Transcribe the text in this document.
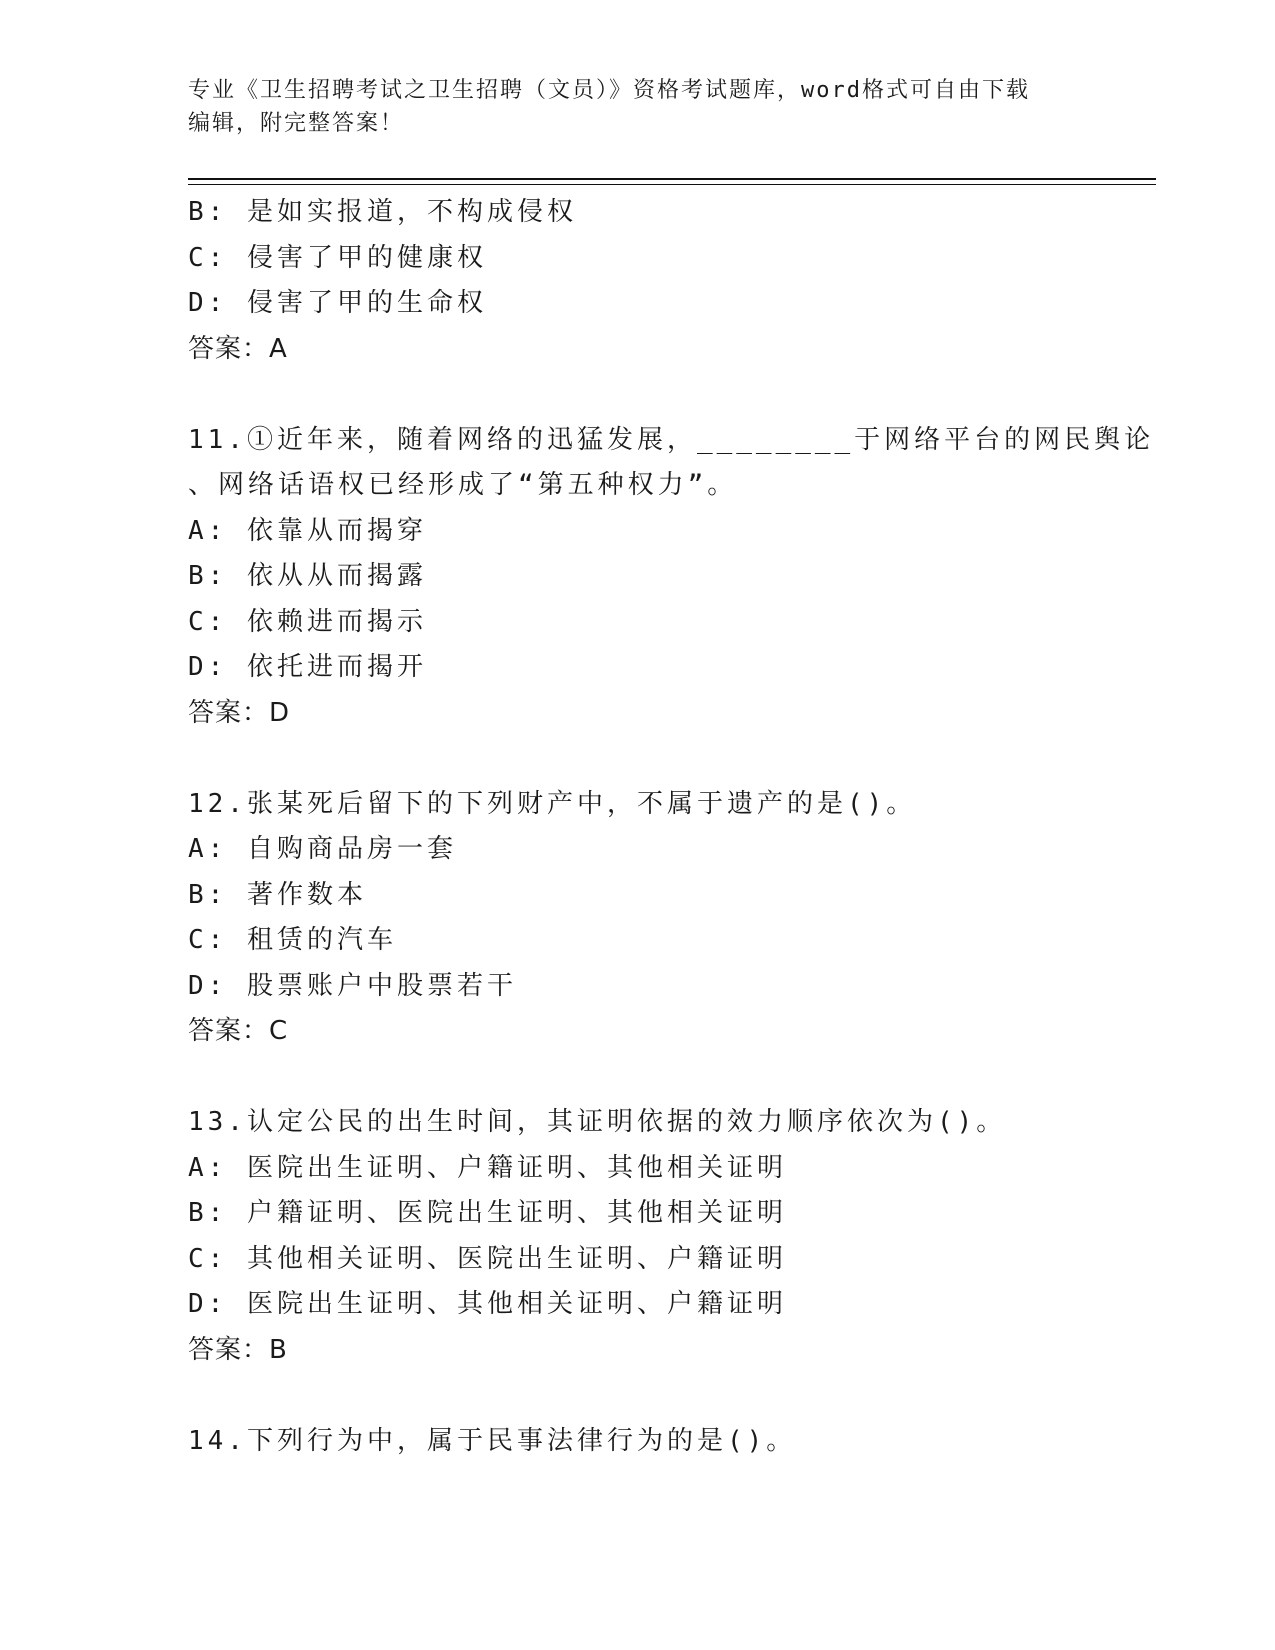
专业《卫生招聘考试之卫生招聘（文员）》资格考试题库，word格式可自由下载
编辑，附完整答案！
B: 是如实报道，不构成侵权
C: 侵害了甲的健康权
D: 侵害了甲的生命权
答案：A
11.①近年来，随着网络的迅猛发展，________于网络平台的网民舆论
、网络话语权已经形成了“第五种权力”。
A: 依靠从而揭穿
B: 依从从而揭露
C: 依赖进而揭示
D: 依托进而揭开
答案：D
12.张某死后留下的下列财产中，不属于遗产的是()。
A: 自购商品房一套
B: 著作数本
C: 租赁的汽车
D: 股票账户中股票若干
答案：C
13.认定公民的出生时间，其证明依据的效力顺序依次为()。
A: 医院出生证明、户籍证明、其他相关证明
B: 户籍证明、医院出生证明、其他相关证明
C: 其他相关证明、医院出生证明、户籍证明
D: 医院出生证明、其他相关证明、户籍证明
答案：B
14.下列行为中，属于民事法律行为的是()。
